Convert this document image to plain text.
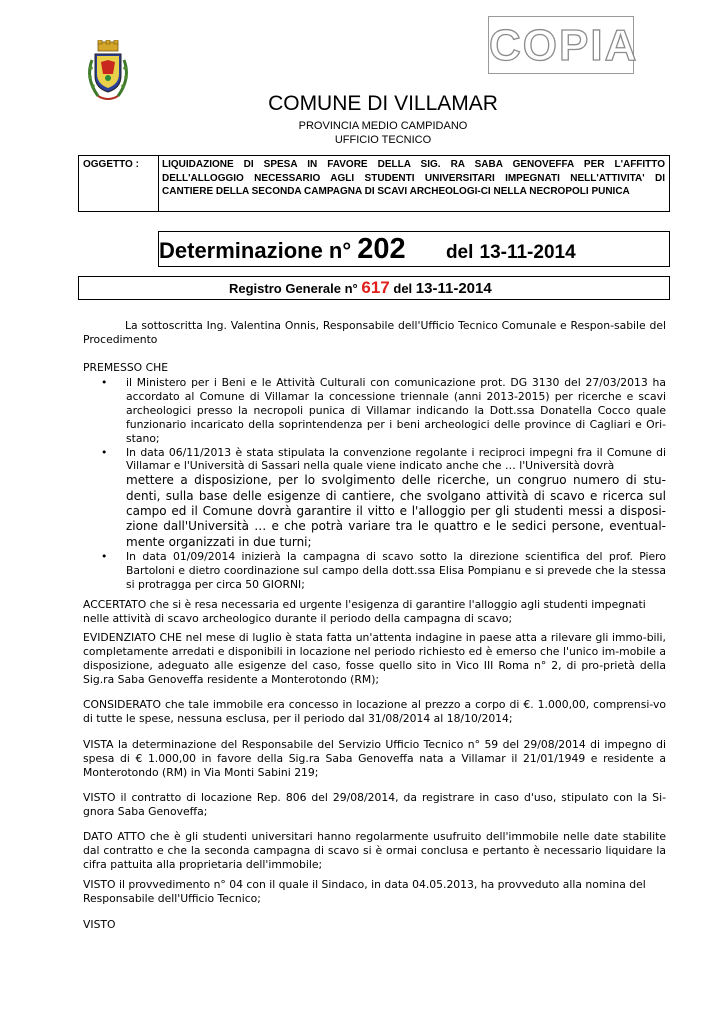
COPIA
COMUNE DI VILLAMAR
PROVINCIA MEDIO CAMPIDANO
UFFICIO TECNICO
OGGETTO :	LIQUIDAZIONE DI SPESA IN FAVORE DELLA SIG. RA SABA GENOVEFFA PER L'AFFITTO DELL'ALLOGGIO NECESSARIO AGLI STUDENTI UNIVERSITARI IMPEGNATI NELL'ATTIVITA' DI CANTIERE DELLA SECONDA CAMPAGNA DI SCAVI ARCHEOLOGI-CI NELLA NECROPOLI PUNICA
Determinazione n° 202 del 13-11-2014
Registro Generale n° 617 del 13-11-2014
La sottoscritta Ing. Valentina Onnis, Responsabile dell'Ufficio Tecnico Comunale e Respon-sabile del Procedimento
PREMESSO CHE
• il Ministero per i Beni e le Attività Culturali con comunicazione prot. DG 3130 del 27/03/2013 ha accordato al Comune di Villamar la concessione triennale (anni 2013-2015) per ricerche e scavi archeologici presso la necropoli punica di Villamar indicando la Dott.ssa Donatella Cocco quale funzionario incaricato della soprintendenza per i beni archeologici delle province di Cagliari e Ori-stano;
• In data 06/11/2013 è stata stipulata la convenzione regolante i reciproci impegni fra il Comune di Villamar e l'Università di Sassari nella quale viene indicato anche che … l'Università dovrà
mettere a disposizione, per lo svolgimento delle ricerche, un congruo numero di stu-denti, sulla base delle esigenze di cantiere, che svolgano attività di scavo e ricerca sul campo ed il Comune dovrà garantire il vitto e l'alloggio per gli studenti messi a disposi-zione dall'Università … e che potrà variare tra le quattro e le sedici persone, eventual-mente organizzati in due turni;
• In data 01/09/2014 inizierà la campagna di scavo sotto la direzione scientifica del prof. Piero Bartoloni e dietro coordinazione sul campo della dott.ssa Elisa Pompianu e si prevede che la stessa si protragga per circa 50 GIORNI;
ACCERTATO che si è resa necessaria ed urgente l'esigenza di garantire l'alloggio agli studenti impegnati nelle attività di scavo archeologico durante il periodo della campagna di scavo;
EVIDENZIATO CHE nel mese di luglio è stata fatta un'attenta indagine in paese atta a rilevare gli immo-bili, completamente arredati e disponibili in locazione nel periodo richiesto ed è emerso che l'unico im-mobile a disposizione, adeguato alle esigenze del caso, fosse quello sito in Vico III Roma n° 2, di pro-prietà della Sig.ra Saba Genoveffa residente a Monterotondo (RM);
CONSIDERATO che tale immobile era concesso in locazione al prezzo a corpo di €. 1.000,00, comprensi-vo di tutte le spese, nessuna esclusa, per il periodo dal 31/08/2014 al 18/10/2014;
VISTA la determinazione del Responsabile del Servizio Ufficio Tecnico n° 59 del 29/08/2014 di impegno di spesa di € 1.000,00 in favore della Sig.ra Saba Genoveffa nata a Villamar il 21/01/1949 e residente a Monterotondo (RM) in Via Monti Sabini 219;
VISTO il contratto di locazione Rep. 806 del 29/08/2014, da registrare in caso d'uso, stipulato con la Si-gnora Saba Genoveffa;
DATO ATTO che è gli studenti universitari hanno regolarmente usufruito dell'immobile nelle date stabilite dal contratto e che la seconda campagna di scavo si è ormai conclusa e pertanto è necessario liquidare la cifra pattuita alla proprietaria dell'immobile;
VISTO il provvedimento n° 04 con il quale il Sindaco, in data 04.05.2013, ha provveduto alla nomina del Responsabile dell'Ufficio Tecnico;
VISTO
